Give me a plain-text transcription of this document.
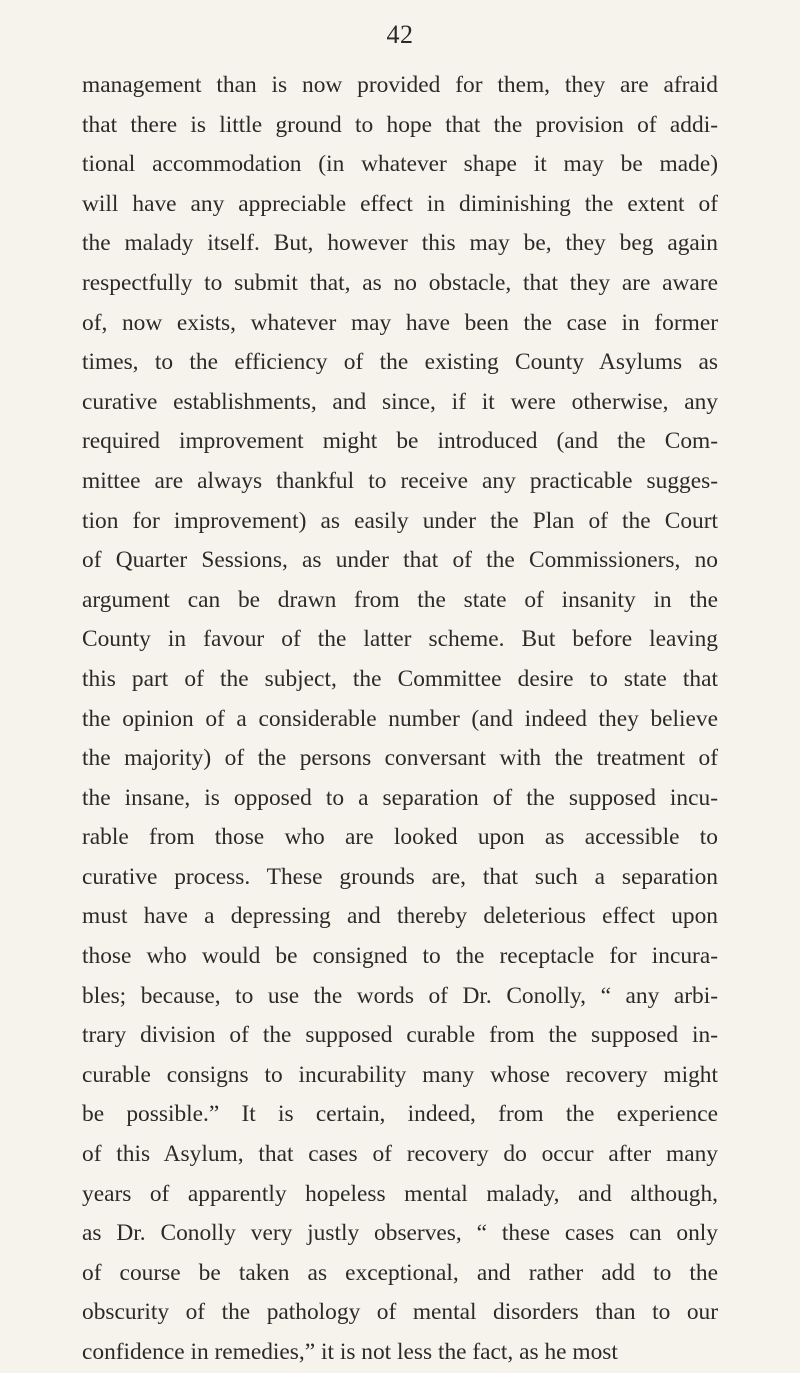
42
management than is now provided for them, they are afraid
that there is little ground to hope that the provision of addi-
tional accommodation (in whatever shape it may be made)
will have any appreciable effect in diminishing the extent of
the malady itself. But, however this may be, they beg again
respectfully to submit that, as no obstacle, that they are aware
of, now exists, whatever may have been the case in former
times, to the efficiency of the existing County Asylums as
curative establishments, and since, if it were otherwise, any
required improvement might be introduced (and the Com-
mittee are always thankful to receive any practicable sugges-
tion for improvement) as easily under the Plan of the Court
of Quarter Sessions, as under that of the Commissioners, no
argument can be drawn from the state of insanity in the
County in favour of the latter scheme. But before leaving
this part of the subject, the Committee desire to state that
the opinion of a considerable number (and indeed they believe
the majority) of the persons conversant with the treatment of
the insane, is opposed to a separation of the supposed incu-
rable from those who are looked upon as accessible to
curative process. These grounds are, that such a separation
must have a depressing and thereby deleterious effect upon
those who would be consigned to the receptacle for incura-
bles; because, to use the words of Dr. Conolly, “ any arbi-
trary division of the supposed curable from the supposed in-
curable consigns to incurability many whose recovery might
be possible.” It is certain, indeed, from the experience
of this Asylum, that cases of recovery do occur after many
years of apparently hopeless mental malady, and although,
as Dr. Conolly very justly observes, “ these cases can only
of course be taken as exceptional, and rather add to the
obscurity of the pathology of mental disorders than to our
confidence in remedies,” it is not less the fact, as he most
